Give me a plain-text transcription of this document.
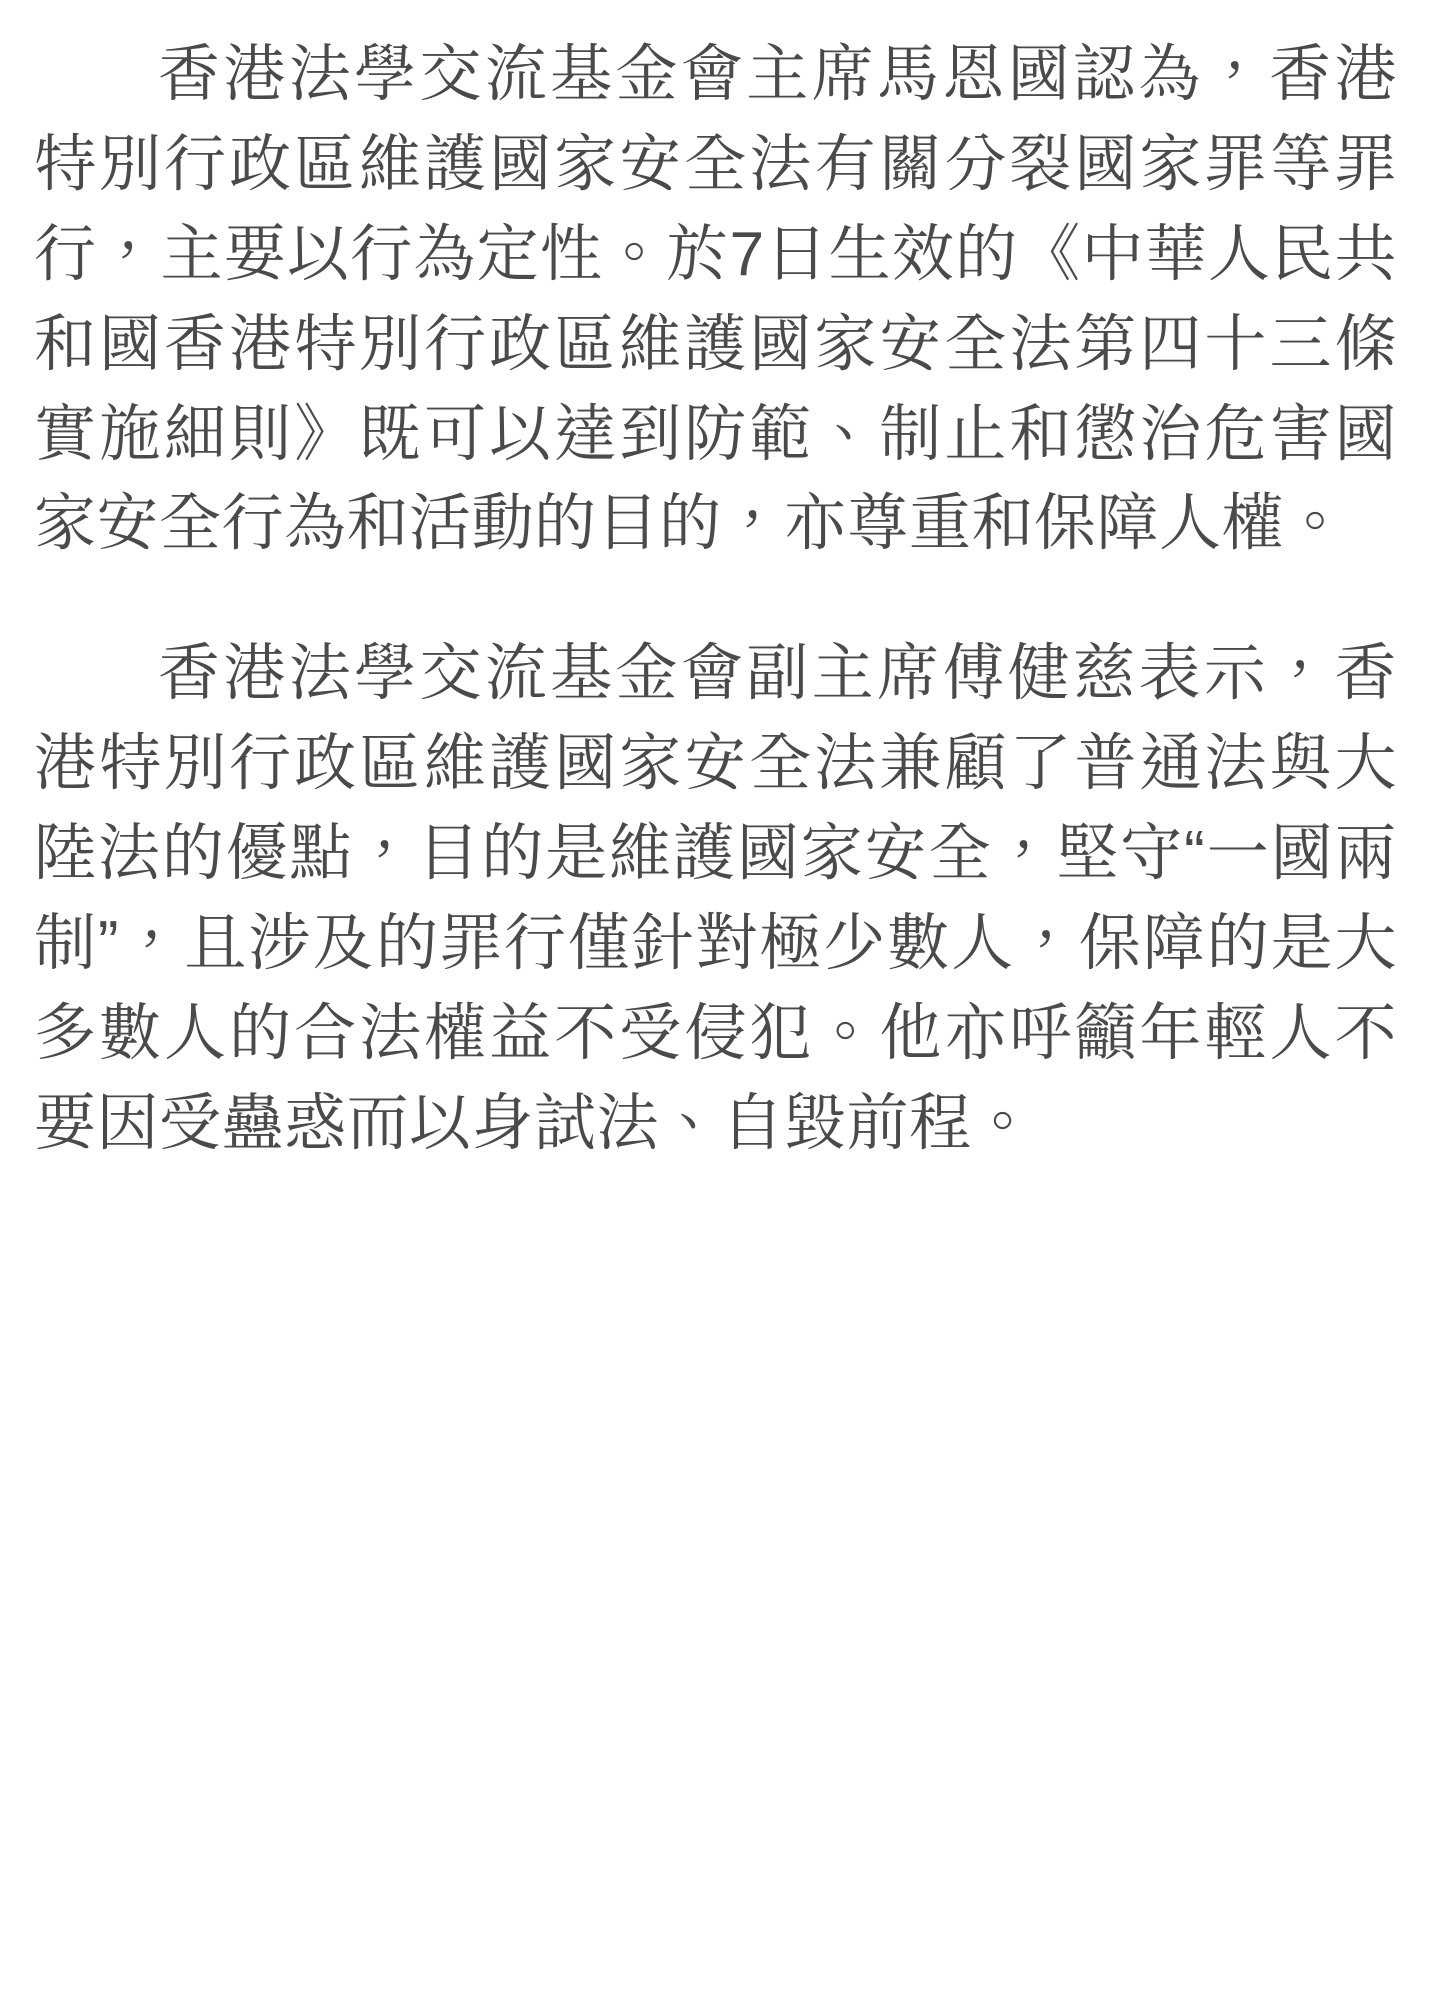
香港法學交流基金會主席馬恩國認為，香港特別行政區維護國家安全法有關分裂國家罪等罪行，主要以行為定性。於7日生效的《中華人民共和國香港特別行政區維護國家安全法第四十三條實施細則》既可以達到防範、制止和懲治危害國家安全行為和活動的目的，亦尊重和保障人權。

香港法學交流基金會副主席傅健慈表示，香港特別行政區維護國家安全法兼顧了普通法與大陸法的優點，目的是維護國家安全，堅守“一國兩制”，且涉及的罪行僅針對極少數人，保障的是大多數人的合法權益不受侵犯。他亦呼籲年輕人不要因受蠱惑而以身試法、自毀前程。
